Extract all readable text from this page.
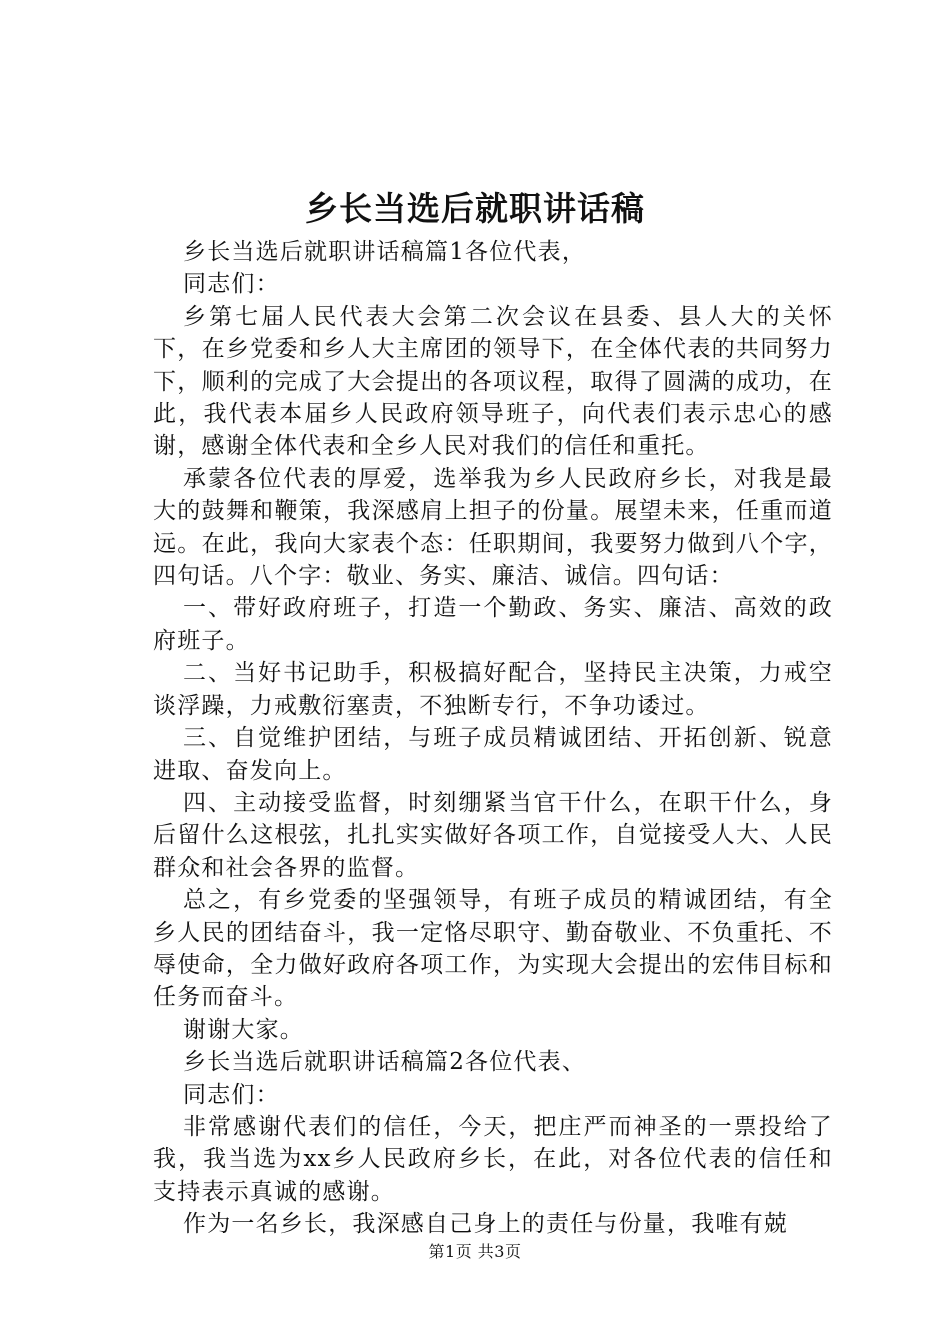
乡长当选后就职讲话稿

乡长当选后就职讲话稿篇1各位代表，

同志们：

乡第七届人民代表大会第二次会议在县委、县人大的关怀下，在乡党委和乡人大主席团的领导下，在全体代表的共同努力下，顺利的完成了大会提出的各项议程，取得了圆满的成功，在此，我代表本届乡人民政府领导班子，向代表们表示忠心的感谢，感谢全体代表和全乡人民对我们的信任和重托。

承蒙各位代表的厚爱，选举我为乡人民政府乡长，对我是最大的鼓舞和鞭策，我深感肩上担子的份量。展望未来，任重而道远。在此，我向大家表个态：任职期间，我要努力做到八个字，四句话。八个字：敬业、务实、廉洁、诚信。四句话：

一、带好政府班子，打造一个勤政、务实、廉洁、高效的政府班子。

二、当好书记助手，积极搞好配合，坚持民主决策，力戒空谈浮躁，力戒敷衍塞责，不独断专行，不争功诿过。

三、自觉维护团结，与班子成员精诚团结、开拓创新、锐意进取、奋发向上。

四、主动接受监督，时刻绷紧当官干什么，在职干什么，身后留什么这根弦，扎扎实实做好各项工作，自觉接受人大、人民群众和社会各界的监督。

总之，有乡党委的坚强领导，有班子成员的精诚团结，有全乡人民的团结奋斗，我一定恪尽职守、勤奋敬业、不负重托、不辱使命，全力做好政府各项工作，为实现大会提出的宏伟目标和任务而奋斗。

谢谢大家。

乡长当选后就职讲话稿篇2各位代表、

同志们：

非常感谢代表们的信任，今天，把庄严而神圣的一票投给了我，我当选为xx乡人民政府乡长，在此，对各位代表的信任和支持表示真诚的感谢。

作为一名乡长，我深感自己身上的责任与份量，我唯有兢

第1页 共3页
